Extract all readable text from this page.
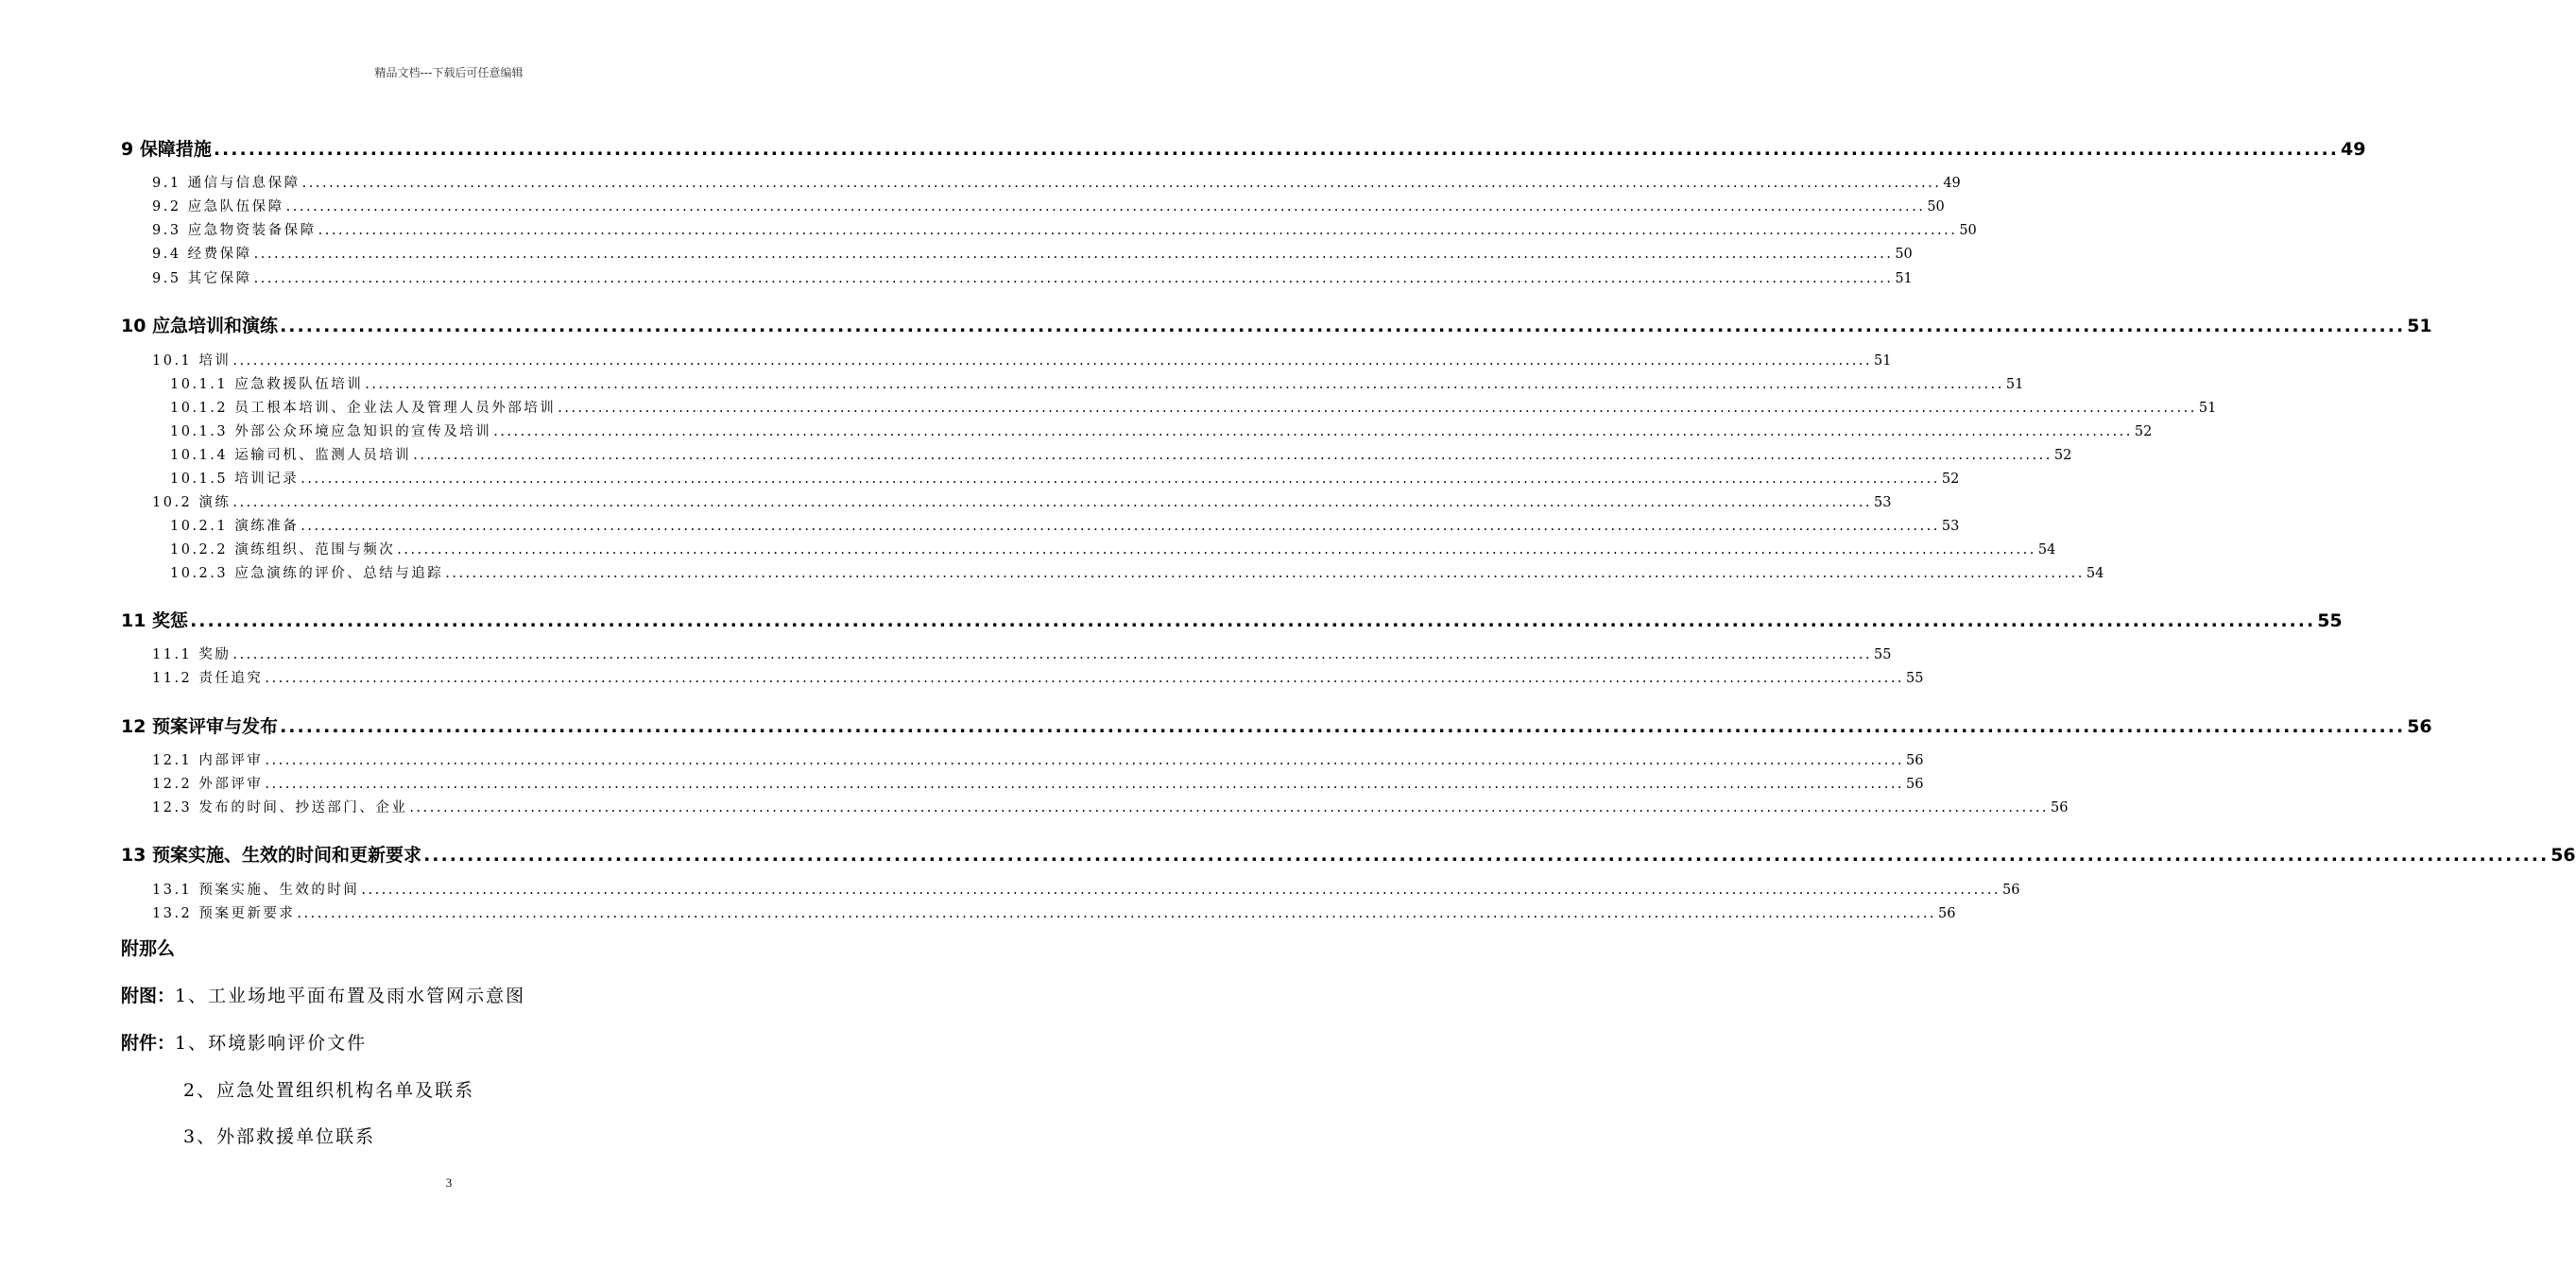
精品文档---下载后可任意编辑
9 保障措施 .................................................................................................................................................................................................................................................... 49
9.1 通信与信息保障 .................................................................................................................................................................................................................................................... 49
9.2 应急队伍保障 .................................................................................................................................................................................................................................................... 50
9.3 应急物资装备保障 .................................................................................................................................................................................................................................................... 50
9.4 经费保障 .................................................................................................................................................................................................................................................... 50
9.5 其它保障 .................................................................................................................................................................................................................................................... 51
10 应急培训和演练 .................................................................................................................................................................................................................................................... 51
10.1 培训 .................................................................................................................................................................................................................................................... 51
10.1.1 应急救援队伍培训 .................................................................................................................................................................................................................................................... 51
10.1.2 员工根本培训、企业法人及管理人员外部培训 .................................................................................................................................................................................................................................................... 51
10.1.3 外部公众环境应急知识的宣传及培训 .................................................................................................................................................................................................................................................... 52
10.1.4 运输司机、监测人员培训 .................................................................................................................................................................................................................................................... 52
10.1.5 培训记录 .................................................................................................................................................................................................................................................... 52
10.2 演练 .................................................................................................................................................................................................................................................... 53
10.2.1 演练准备 .................................................................................................................................................................................................................................................... 53
10.2.2 演练组织、范围与频次 .................................................................................................................................................................................................................................................... 54
10.2.3 应急演练的评价、总结与追踪 .................................................................................................................................................................................................................................................... 54
11 奖惩 .................................................................................................................................................................................................................................................... 55
11.1 奖励 .................................................................................................................................................................................................................................................... 55
11.2 责任追究 .................................................................................................................................................................................................................................................... 55
12 预案评审与发布 .................................................................................................................................................................................................................................................... 56
12.1 内部评审 .................................................................................................................................................................................................................................................... 56
12.2 外部评审 .................................................................................................................................................................................................................................................... 56
12.3 发布的时间、抄送部门、企业 .................................................................................................................................................................................................................................................... 56
13 预案实施、生效的时间和更新要求 .................................................................................................................................................................................................................................................... 56
13.1 预案实施、生效的时间 .................................................................................................................................................................................................................................................... 56
13.2 预案更新要求 .................................................................................................................................................................................................................................................... 56
附那么
附图：1、工业场地平面布置及雨水管网示意图
附件：1、环境影响评价文件
2、应急处置组织机构名单及联系
3、外部救援单位联系
3
